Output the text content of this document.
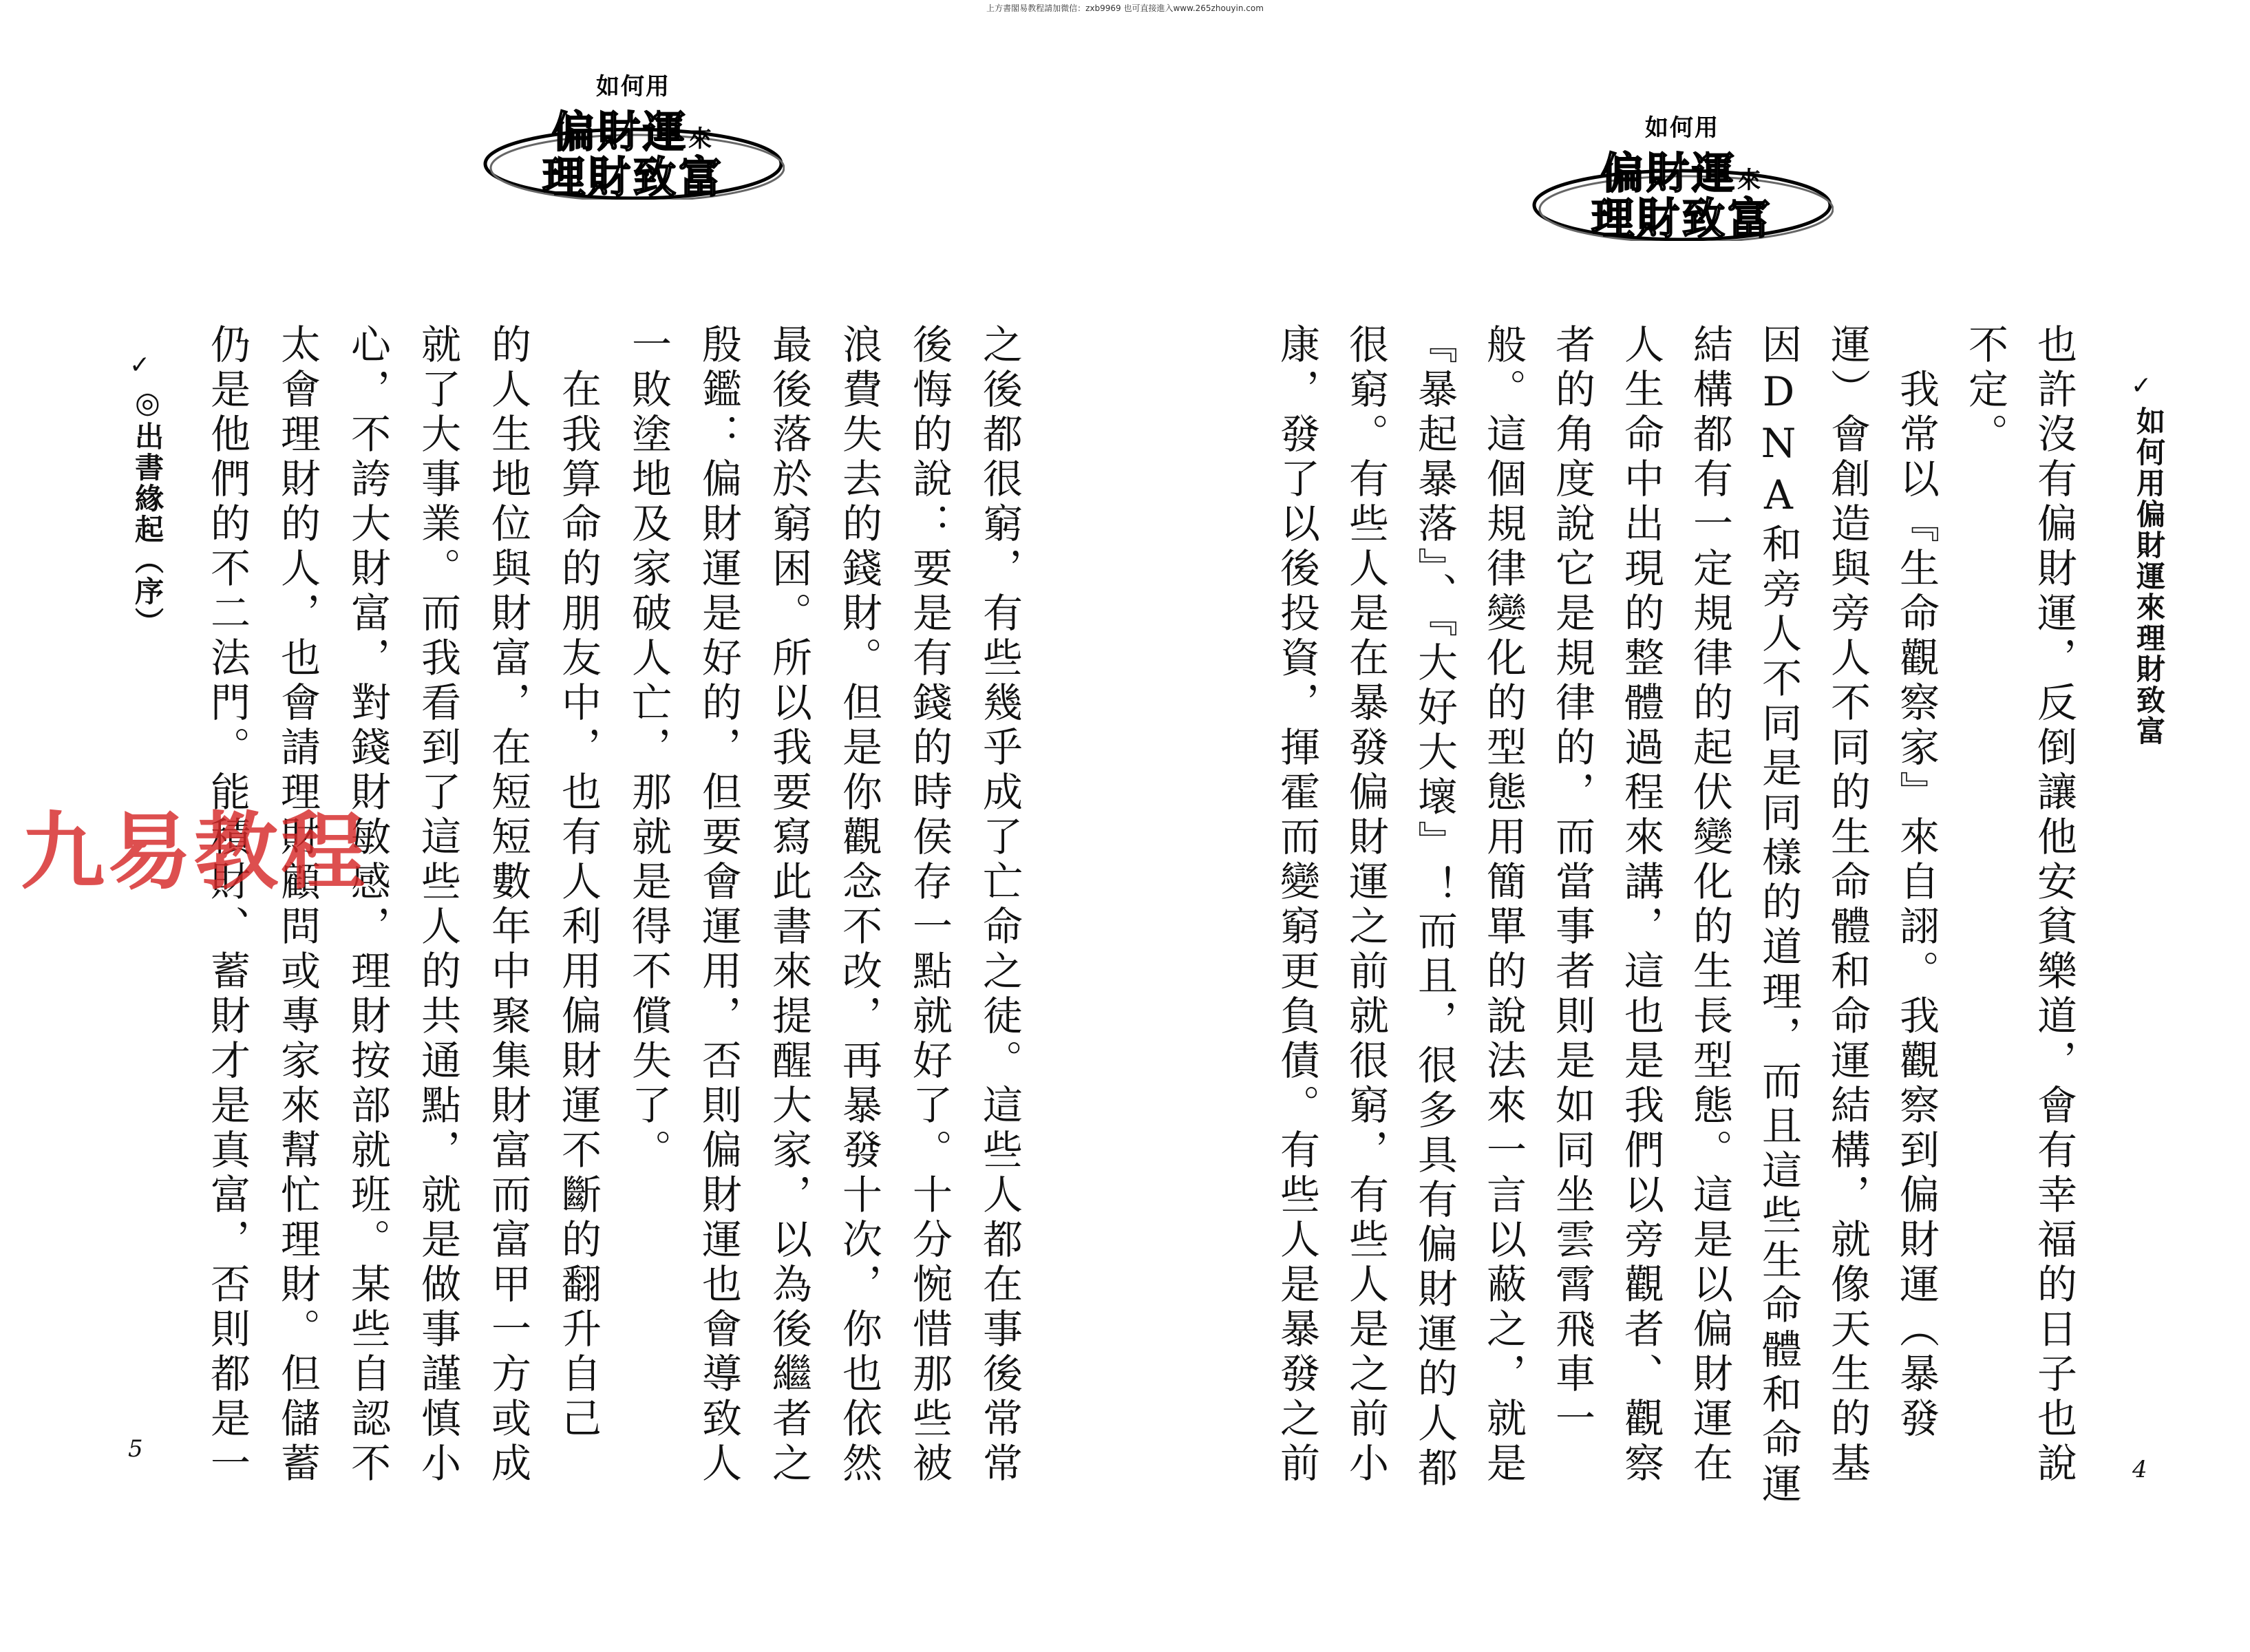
上方書閣易教程請加微信：zxb9969 也可直接進入www.265zhouyin.com
如何用
偏財運來
理財致富
✓
◎出書緣起（序）	之後都很窮，有些幾乎成了亡命之徒。這些人都在事後常常
後悔的說：要是有錢的時侯存一點就好了。十分惋惜那些被
浪費失去的錢財。但是你觀念不改，再暴發十次，你也依然
最後落於窮困。所以我要寫此書來提醒大家，以為後繼者之
殷鑑：偏財運是好的，但要會運用，否則偏財運也會導致人
一敗塗地及家破人亡，那就是得不償失了。
　在我算命的朋友中，也有人利用偏財運不斷的翻升自己
的人生地位與財富，在短短數年中聚集財富而富甲一方或成
就了大事業。而我看到了這些人的共通點，就是做事謹慎小
心，不誇大財富，對錢財敏感，理財按部就班。某些自認不
太會理財的人，也會請理財顧問或專家來幫忙理財。但儲蓄
仍是他們的不二法門。能積財、蓄財才是真富，否則都是一
5
如何用
偏財運來
理財致富
✓
如何用偏財運來理財致富
也許沒有偏財運，反倒讓他安貧樂道，會有幸福的日子也說
不定。
　我常以『生命觀察家』來自詡。我觀察到偏財運（暴發
運）會創造與旁人不同的生命體和命運結構，就像天生的基
因DNA和旁人不同是同樣的道理，而且這些生命體和命運
結構都有一定規律的起伏變化的生長型態。這是以偏財運在
人生命中出現的整體過程來講，這也是我們以旁觀者、觀察
者的角度說它是規律的，而當事者則是如同坐雲霄飛車一
般。這個規律變化的型態用簡單的說法來一言以蔽之，就是
『暴起暴落』、『大好大壞』！而且，很多具有偏財運的人都
很窮。有些人是在暴發偏財運之前就很窮，有些人是之前小
康，發了以後投資，揮霍而變窮更負債。有些人是暴發之前	4
九易教程
